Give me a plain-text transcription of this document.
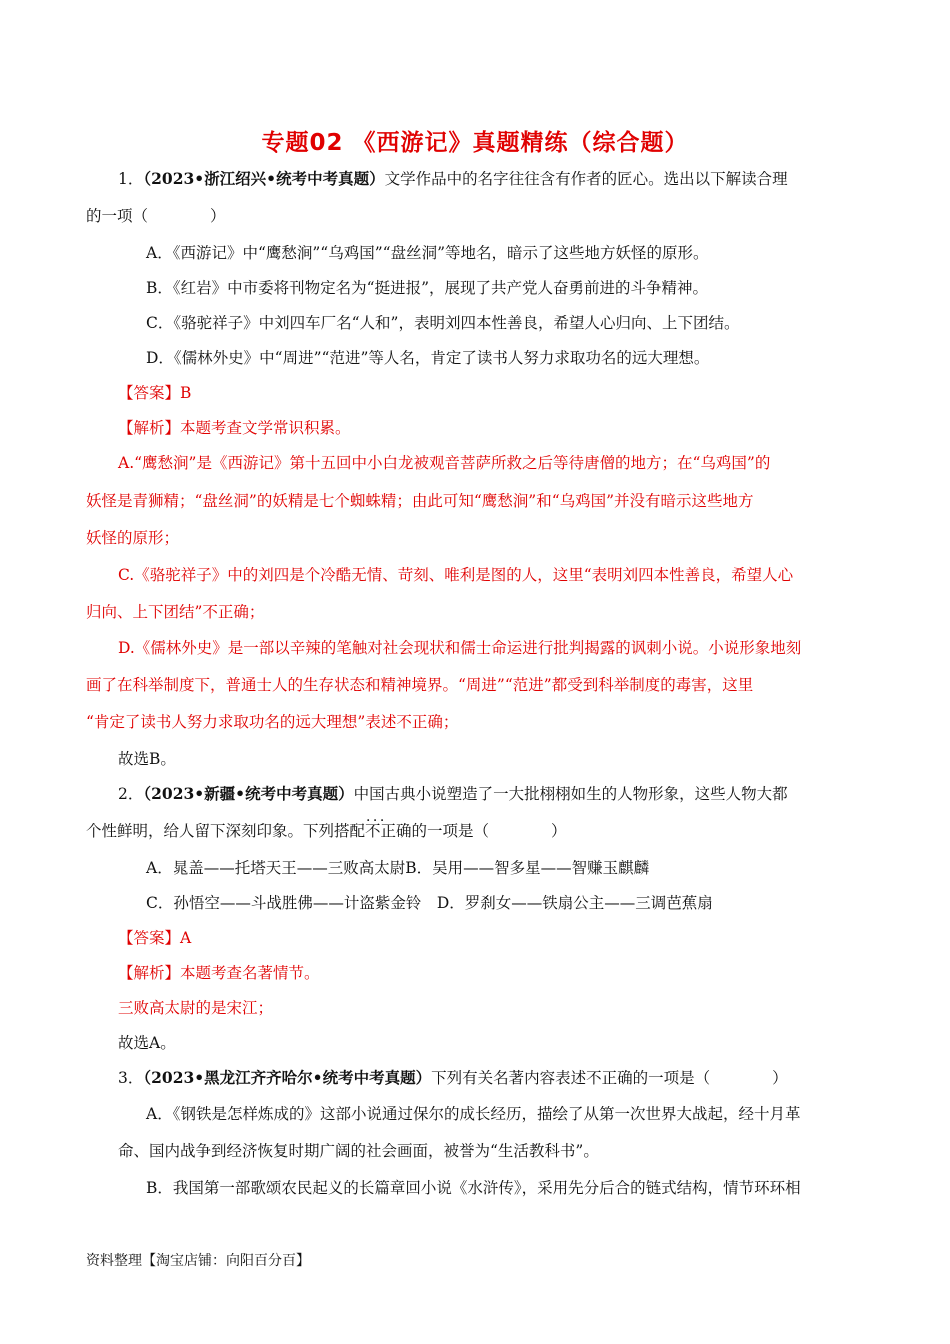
专题02 《西游记》真题精练（综合题）
1．（2023•浙江绍兴•统考中考真题）文学作品中的名字往往含有作者的匠心。选出以下解读合理
的一项（　　　　）
A．《西游记》中“鹰愁涧”“乌鸡国”“盘丝洞”等地名，暗示了这些地方妖怪的原形。
B．《红岩》中市委将刊物定名为“挺进报”，展现了共产党人奋勇前进的斗争精神。
C．《骆驼祥子》中刘四车厂名“人和”，表明刘四本性善良，希望人心归向、上下团结。
D．《儒林外史》中“周进”“范进”等人名，肯定了读书人努力求取功名的远大理想。
【答案】B
【解析】本题考查文学常识积累。
A.“鹰愁涧”是《西游记》第十五回中小白龙被观音菩萨所救之后等待唐僧的地方；在“乌鸡国”的
妖怪是青狮精；“盘丝洞”的妖精是七个蜘蛛精；由此可知“鹰愁涧”和“乌鸡国”并没有暗示这些地方
妖怪的原形；
C.《骆驼祥子》中的刘四是个冷酷无情、苛刻、唯利是图的人，这里“表明刘四本性善良，希望人心
归向、上下团结”不正确；
D.《儒林外史》是一部以辛辣的笔触对社会现状和儒士命运进行批判揭露的讽刺小说。小说形象地刻
画了在科举制度下，普通士人的生存状态和精神境界。“周进”“范进”都受到科举制度的毒害，这里
“肯定了读书人努力求取功名的远大理想”表述不正确；
故选B。
2．（2023•新疆•统考中考真题）中国古典小说塑造了一大批栩栩如生的人物形象，这些人物大都
个性鲜明，给人留下深刻印象。下列搭配· · 不正确的一项是（　　　　）
A．晁盖——托塔天王——三败高太尉B．吴用——智多星——智赚玉麒麟
C．孙悟空——斗战胜佛——计盗紫金铃　D．罗刹女——铁扇公主——三调芭蕉扇
【答案】A
【解析】本题考查名著情节。
三败高太尉的是宋江；
故选A。
3．（2023•黑龙江齐齐哈尔•统考中考真题）下列有关名著内容表述不正确的一项是（　　　　）
A．《钢铁是怎样炼成的》这部小说通过保尔的成长经历，描绘了从第一次世界大战起，经十月革
命、国内战争到经济恢复时期广阔的社会画面，被誉为“生活教科书”。
B．我国第一部歌颂农民起义的长篇章回小说《水浒传》，采用先分后合的链式结构，情节环环相
资料整理【淘宝店铺：向阳百分百】
